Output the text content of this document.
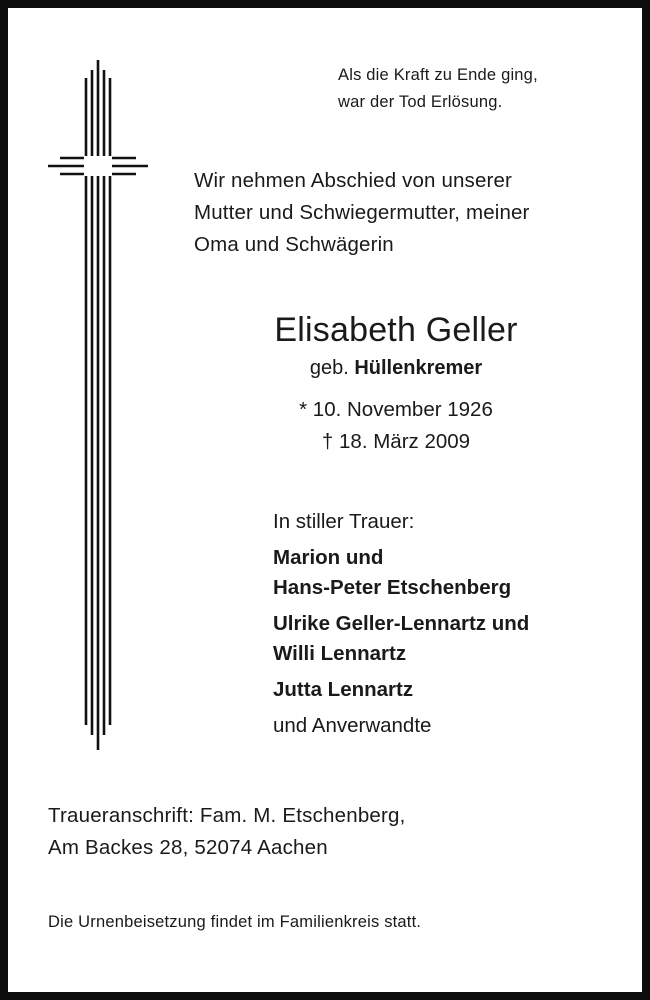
Als die Kraft zu Ende ging,
war der Tod Erlösung.
Wir nehmen Abschied von unserer
Mutter und Schwiegermutter, meiner
Oma und Schwägerin
Elisabeth Geller
geb. Hüllenkremer
* 10. November 1926
† 18. März 2009
In stiller Trauer:
Marion und
Hans-Peter Etschenberg
Ulrike Geller-Lennartz und
Willi Lennartz
Jutta Lennartz
und Anverwandte
Traueranschrift: Fam. M. Etschenberg,
Am Backes 28, 52074 Aachen
Die Urnenbeisetzung findet im Familienkreis statt.
